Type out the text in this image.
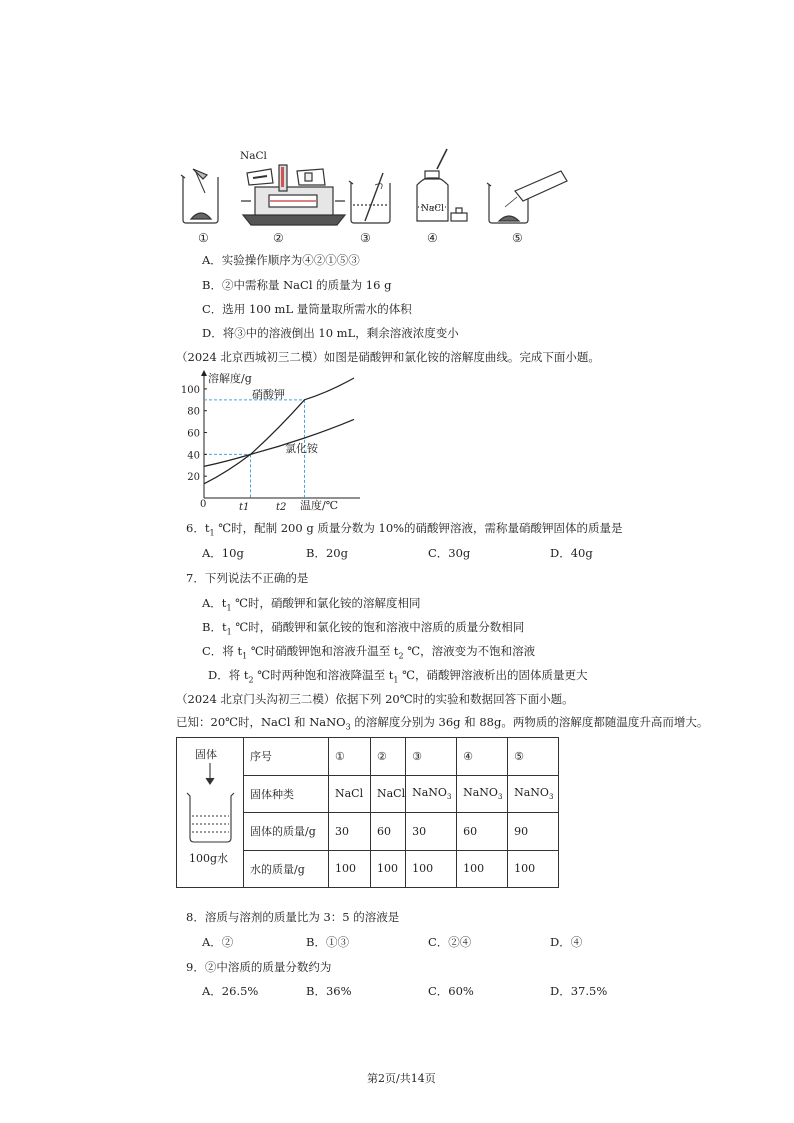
NaCl
NaCl
①	②	③	④	⑤
A．实验操作顺序为④②①⑤③
B．②中需称量 NaCl 的质量为 16 g
C．选用 100 mL 量筒量取所需水的体积
D．将③中的溶液倒出 10 mL，剩余溶液浓度变小
（2024 北京西城初三二模）如图是硝酸钾和氯化铵的溶解度曲线。完成下面小题。
20
40
60
80
100
溶解度/g
温度/℃
0
硝酸钾
氯化铵
t1	t2
6．$t_1$ ℃时，配制 200 g 质量分数为 10%的硝酸钾溶液，需称量硝酸钾固体的质量是
A．10g	B．20g	C．30g	D．40g
7．下列说法不正确的是
A．$t_1$ ℃时，硝酸钾和氯化铵的溶解度相同
B．$t_1$ ℃时，硝酸钾和氯化铵的饱和溶液中溶质的质量分数相同
C．将 $t_1$ ℃时硝酸钾饱和溶液升温至 $t_2$ ℃，溶液变为不饱和溶液
D．将 $t_2$ ℃时两种饱和溶液降温至 $t_1$ ℃，硝酸钾溶液析出的固体质量更大
（2024 北京门头沟初三二模）依据下列 20℃时的实验和数据回答下面小题。
已知：20℃时，NaCl 和 NaNO$_3$ 的溶解度分别为 36g 和 88g。两物质的溶解度都随温度升高而增大。
固体
100g水	序号	①	②	③	④	⑤
	固体种类	NaCl	NaCl	NaNO$_3$	NaNO$_3$	NaNO$_3$
	固体的质量/g	30	60	30	60	90
	水的质量/g	100	100	100	100	100
8．溶质与溶剂的质量比为 3：5 的溶液是
A．②	B．①③	C．②④	D．④
9．②中溶质的质量分数约为
A．26.5%	B．36%	C．60%	D．37.5%
第2页/共14页
